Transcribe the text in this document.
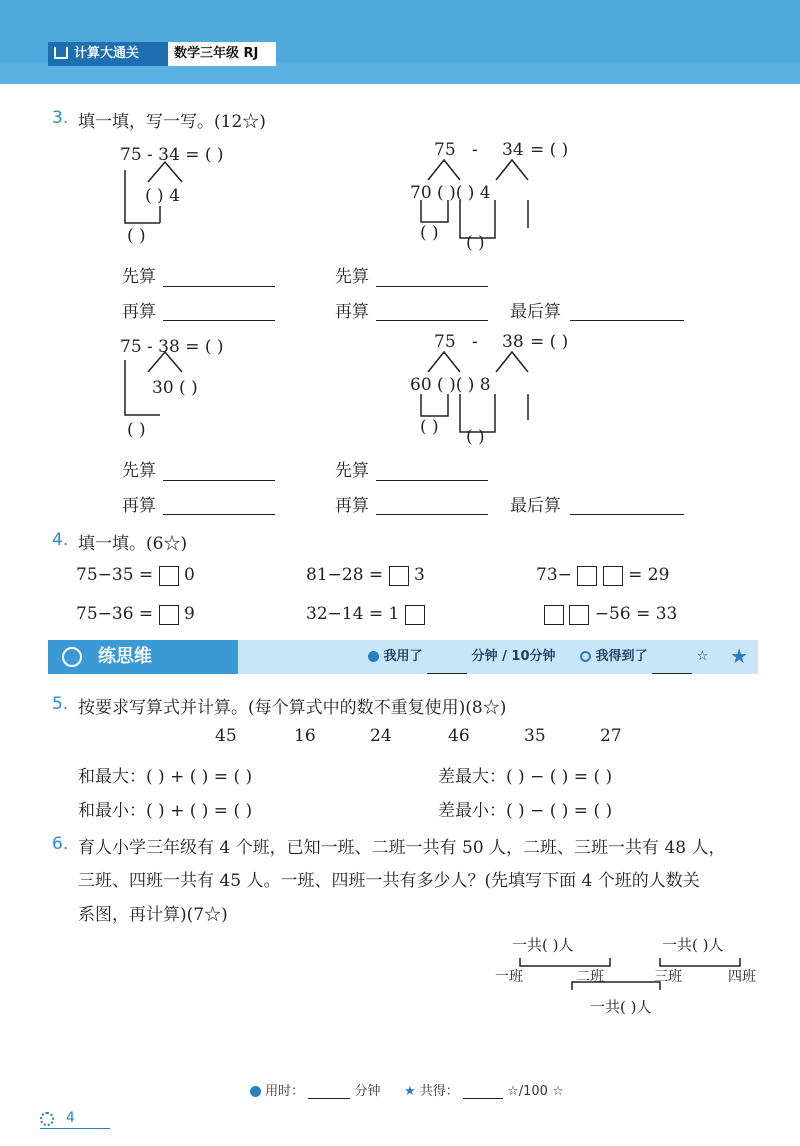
计算大通关	数学三年级 RJ
3. 填一填，写一写。(12☆)
75 - 34 = ( )
( ) 4
( )
75 - 34 = ( )
70 ( )( ) 4
( ) ( )
先算	先算
再算	再算	最后算
75 - 38 = ( )
30 ( )
( )
75 - 38 = ( )
60 ( )( ) 8
( ) ( )
先算	先算
再算	再算	最后算
4. 填一填。(6☆)
75−35 = 0	81−28 = 3	73−	= 29
75−36 = 9	32−14 = 1	−56 = 33
练思维	我用了	分钟 / 10分钟	我得到了	☆ ★
5. 按要求写算式并计算。(每个算式中的数不重复使用)(8☆)
45	16	24	46	35	27
和最大：( ) + ( ) = ( )	差最大：( ) − ( ) = ( )
和最小：( ) + ( ) = ( )	差最小：( ) − ( ) = ( )
6. 育人小学三年级有 4 个班，已知一班、二班一共有 50 人，二班、三班一共有 48 人，
三班、四班一共有 45 人。一班、四班一共有多少人？(先填写下面 4 个班的人数关
系图，再计算)(7☆)
一共( )人	一共( )人
一班	二班	三班	四班
一共( )人
用时：	分钟 ★ 共得：	☆/100 ☆
4
